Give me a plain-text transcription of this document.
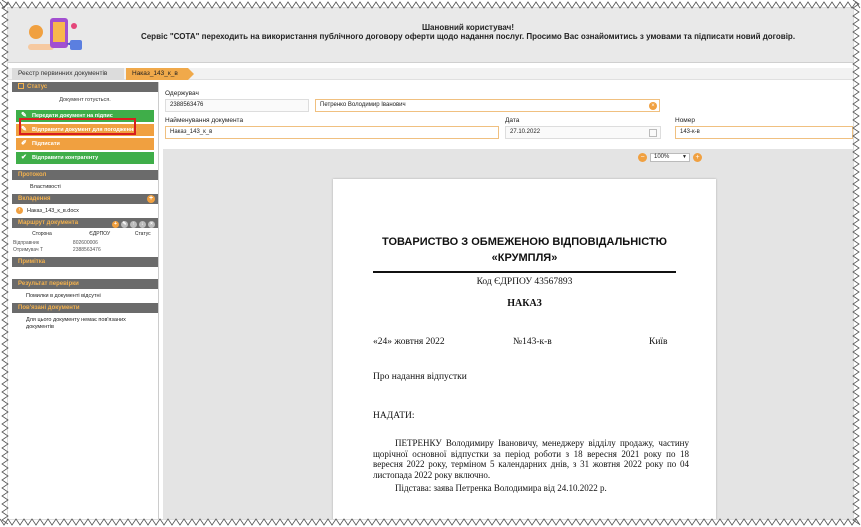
Шановний користувач!
Сервіс "СОТА" переходить на використання публічного договору оферти щодо надання послуг. Просимо Вас ознайомитись з умовами та підписати новий договір.
Реєстр первинних документів	Наказ_143_к_в
Статус
Документ готується.
✎ Передати документ на підпис
✎ Відправити документ для погодження
✐ Підписати
✔ Відправити контрагенту
Протокол
Властивості
Вкладення	+
› Наказ_143_к_в.docx
Маршрут документа	+ ✎ ↑ ↓ ×
Сторона	ЄДРПОУ	Статус
Відправник	802600006	
Отримувач Т	2388563476	
Примітка
Результат перевірки
Помилки в документі відсутні
Пов'язані документи
Для цього документу немає пов'язаних документів
Одержувач
2388563476	Петренко Володимир Іванович	×
Найменування документа
Наказ_143_к_в
Дата
27.10.2022
Номер
143-к-в
−	100% ▼	+
ТОВАРИСТВО З ОБМЕЖЕНОЮ ВІДПОВІДАЛЬНІСТЮ
«КРУМПЛЯ»
Код ЄДРПОУ 43567893
НАКАЗ
«24» жовтня 2022	№143-к-в	Київ
Про надання відпустки
НАДАТИ:
ПЕТРЕНКУ Володимиру Івановичу, менеджеру відділу продажу, частину щорічної основної відпустки за період роботи з 18 вересня 2021 року по 18 вересня 2022 року, терміном 5 календарних днів, з 31 жовтня 2022 року по 04 листопада 2022 року включно.
Підстава: заява Петренка Володимира від 24.10.2022 р.
